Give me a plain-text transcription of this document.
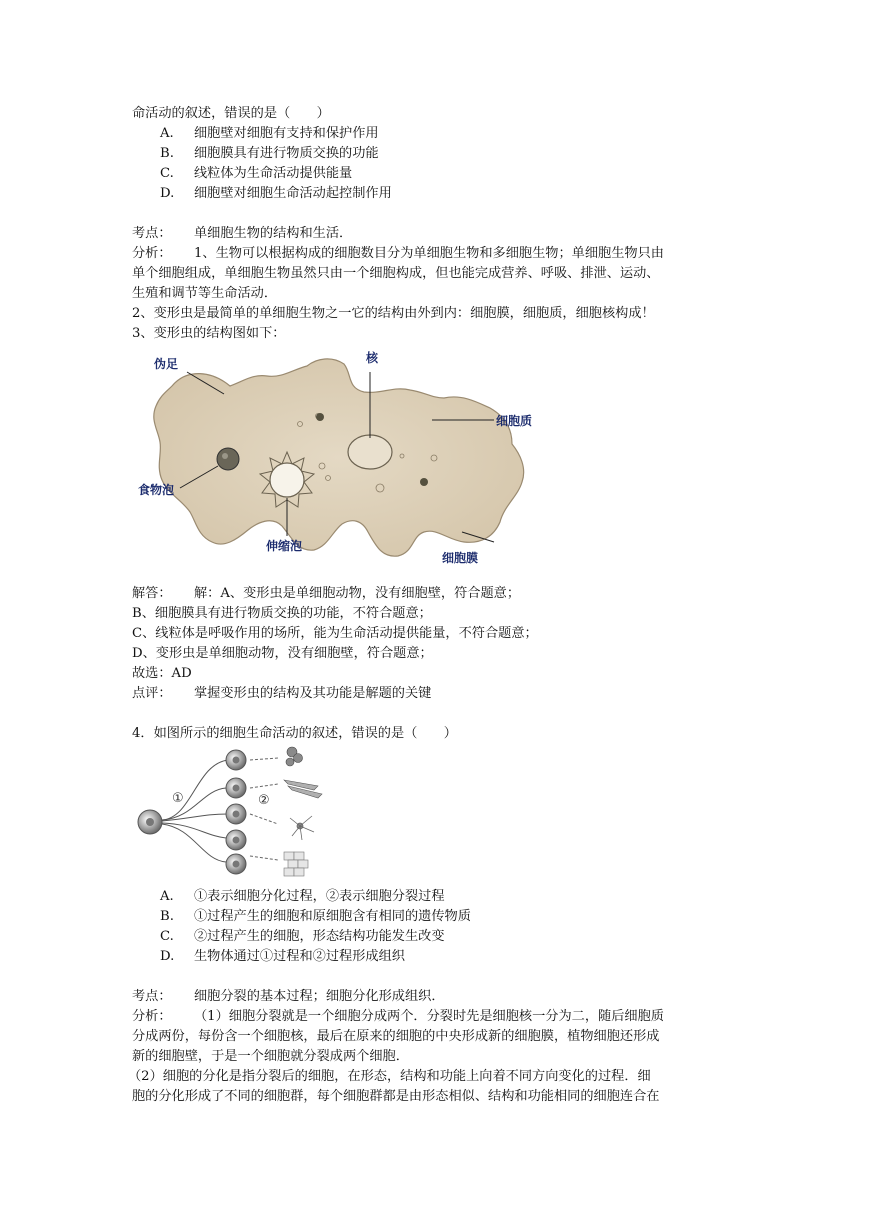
命活动的叙述，错误的是（　　）
A. 细胞壁对细胞有支持和保护作用
B. 细胞膜具有进行物质交换的功能
C. 线粒体为生命活动提供能量
D. 细胞壁对细胞生命活动起控制作用
考点： 单细胞生物的结构和生活．
分析： 1、生物可以根据构成的细胞数目分为单细胞生物和多细胞生物；单细胞生物只由
单个细胞组成，单细胞生物虽然只由一个细胞构成，但也能完成营养、呼吸、排泄、运动、
生殖和调节等生命活动．
2、变形虫是最简单的单细胞生物之一它的结构由外到内：细胞膜，细胞质，细胞核构成！
3、变形虫的结构图如下：
伪足	核
细胞质
食物泡
伸缩泡
细胞膜
解答： 解：A、变形虫是单细胞动物，没有细胞壁，符合题意；
B、细胞膜具有进行物质交换的功能，不符合题意；
C、线粒体是呼吸作用的场所，能为生命活动提供能量，不符合题意；
D、变形虫是单细胞动物，没有细胞壁，符合题意；
故选：AD
点评： 掌握变形虫的结构及其功能是解题的关键
4．如图所示的细胞生命活动的叙述，错误的是（　　）
①	②
A. ①表示细胞分化过程，②表示细胞分裂过程
B. ①过程产生的细胞和原细胞含有相同的遗传物质
C. ②过程产生的细胞，形态结构功能发生改变
D. 生物体通过①过程和②过程形成组织
考点： 细胞分裂的基本过程；细胞分化形成组织．
分析： （1）细胞分裂就是一个细胞分成两个．分裂时先是细胞核一分为二，随后细胞质
分成两份，每份含一个细胞核，最后在原来的细胞的中央形成新的细胞膜，植物细胞还形成
新的细胞壁，于是一个细胞就分裂成两个细胞．
（2）细胞的分化是指分裂后的细胞，在形态，结构和功能上向着不同方向变化的过程．细
胞的分化形成了不同的细胞群，每个细胞群都是由形态相似、结构和功能相同的细胞连合在
